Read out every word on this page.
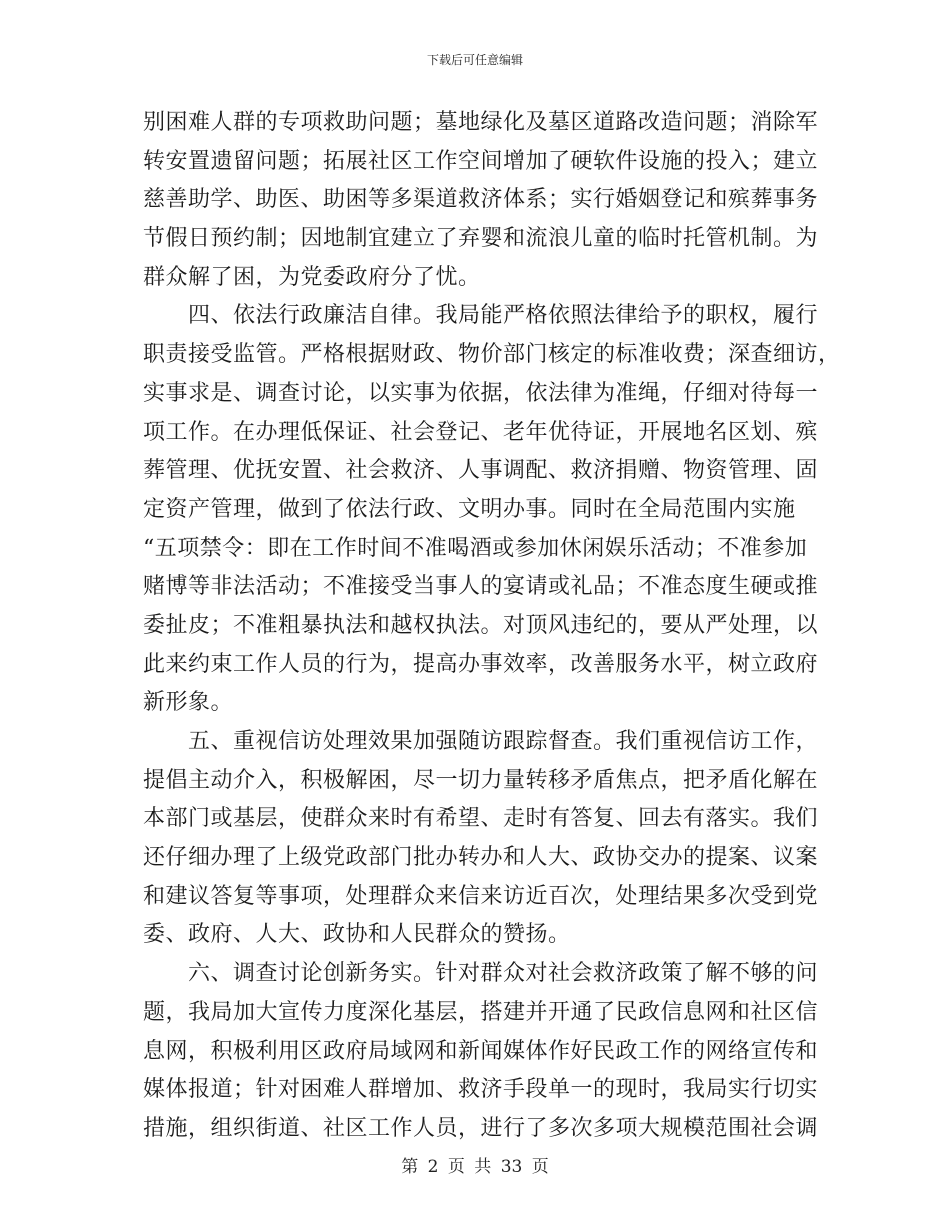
下载后可任意编辑
别困难人群的专项救助问题；墓地绿化及墓区道路改造问题；消除军
转安置遗留问题；拓展社区工作空间增加了硬软件设施的投入；建立
慈善助学、助医、助困等多渠道救济体系；实行婚姻登记和殡葬事务
节假日预约制；因地制宜建立了弃婴和流浪儿童的临时托管机制。为
群众解了困，为党委政府分了忧。
　　四、依法行政廉洁自律。我局能严格依照法律给予的职权，履行
职责接受监管。严格根据财政、物价部门核定的标准收费；深查细访，
实事求是、调查讨论，以实事为依据，依法律为准绳，仔细对待每一
项工作。在办理低保证、社会登记、老年优待证，开展地名区划、殡
葬管理、优抚安置、社会救济、人事调配、救济捐赠、物资管理、固
定资产管理，做到了依法行政、文明办事。同时在全局范围内实施
“五项禁令：即在工作时间不准喝酒或参加休闲娱乐活动；不准参加
赌博等非法活动；不准接受当事人的宴请或礼品；不准态度生硬或推
委扯皮；不准粗暴执法和越权执法。对顶风违纪的，要从严处理，以
此来约束工作人员的行为，提高办事效率，改善服务水平，树立政府
新形象。
　　五、重视信访处理效果加强随访跟踪督查。我们重视信访工作，
提倡主动介入，积极解困，尽一切力量转移矛盾焦点，把矛盾化解在
本部门或基层，使群众来时有希望、走时有答复、回去有落实。我们
还仔细办理了上级党政部门批办转办和人大、政协交办的提案、议案
和建议答复等事项，处理群众来信来访近百次，处理结果多次受到党
委、政府、人大、政协和人民群众的赞扬。
　　六、调查讨论创新务实。针对群众对社会救济政策了解不够的问
题，我局加大宣传力度深化基层，搭建并开通了民政信息网和社区信
息网，积极利用区政府局域网和新闻媒体作好民政工作的网络宣传和
媒体报道；针对困难人群增加、救济手段单一的现时，我局实行切实
措施，组织街道、社区工作人员，进行了多次多项大规模范围社会调
第 2 页 共 33 页
